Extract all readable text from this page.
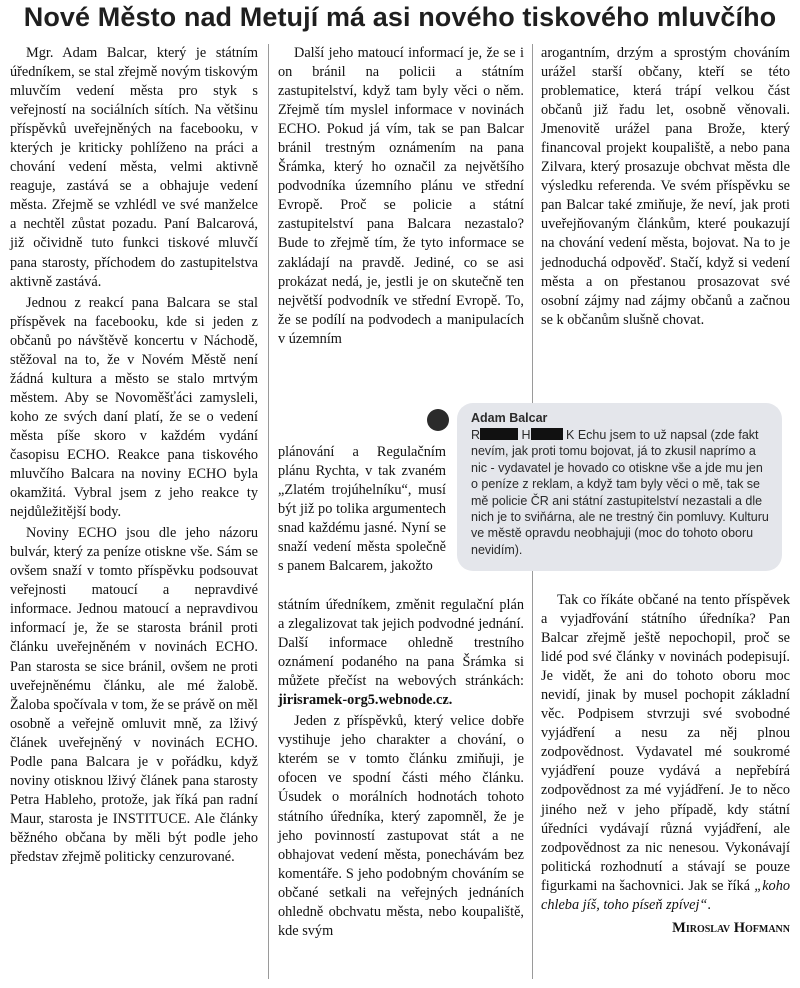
Nové Město nad Metují má asi nového tiskového mluvčího

Mgr. Adam Balcar, který je státním úředníkem, se stal zřejmě novým tiskovým mluvčím vedení města pro styk s veřejností na sociálních sítích. Na většinu příspěvků uveřejněných na facebooku, v kterých je kriticky pohlíženo na práci a chování vedení města, velmi aktivně reaguje, zastává se a obhajuje vedení města. Zřejmě se vzhlédl ve své manželce a nechtěl zůstat pozadu. Paní Balcarová, již očividně tuto funkci tiskové mluvčí pana starosty, příchodem do zastupitelstva aktivně zastává.

Jednou z reakcí pana Balcara se stal příspěvek na facebooku, kde si jeden z občanů po návštěvě koncertu v Náchodě, stěžoval na to, že v Novém Městě není žádná kultura a město se stalo mrtvým městem. Aby se Novoměšťáci zamysleli, koho ze svých daní platí, že se o vedení města píše skoro v každém vydání časopisu ECHO. Reakce pana tiskového mluvčího Balcara na noviny ECHO byla okamžitá. Vybral jsem z jeho reakce ty nejdůležitější body.

Noviny ECHO jsou dle jeho názoru bulvár, který za peníze otiskne vše. Sám se ovšem snaží v tomto příspěvku podsouvat veřejnosti matoucí a nepravdivé informace. Jednou matoucí a nepravdivou informací je, že se starosta bránil proti článku uveřejněném v novinách ECHO. Pan starosta se sice bránil, ovšem ne proti uveřejněnému článku, ale mé žalobě. Žaloba spočívala v tom, že se právě on měl osobně a veřejně omluvit mně, za lživý článek uveřejněný v novinách ECHO. Podle pana Balcara je v pořádku, když noviny otisknou lživý článek pana starosty Petra Hableho, protože, jak říká pan radní Maur, starosta je INSTITUCE. Ale články běžného občana by měli být podle jeho představ zřejmě politicky cenzurované.

Další jeho matoucí informací je, že se i on bránil na policii a státním zastupitelství, když tam byly věci o něm. Zřejmě tím myslel informace v novinách ECHO. Pokud já vím, tak se pan Balcar bránil trestným oznámením na pana Šrámka, který ho označil za největšího podvodníka územního plánu ve střední Evropě. Proč se policie a státní zastupitelství pana Balcara nezastalo? Bude to zřejmě tím, že tyto informace se zakládají na pravdě. Jediné, co se asi prokázat nedá, je, jestli je on skutečně ten největší podvodník ve střední Evropě. To, že se podílí na podvodech a manipulacích v územním

plánování a Regulačním plánu Rychta, v tak zvaném „Zlatém trojúhelníku“, musí být již po tolika argumentech snad každému jasné. Nyní se snaží vedení města společně s panem Balcarem, jakožto

státním úředníkem, změnit regulační plán a zlegalizovat tak jejich podvodné jednání. Další informace ohledně trestního oznámení podaného na pana Šrámka si můžete přečíst na webových stránkách: jirisramek-org5.webnode.cz.

Jeden z příspěvků, který velice dobře vystihuje jeho charakter a chování, o kterém se v tomto článku zmiňuji, je ofocen ve spodní části mého článku. Úsudek o morálních hodnotách tohoto státního úředníka, který zapomněl, že je jeho povinností zastupovat stát a ne obhajovat vedení města, ponechávám bez komentáře. S jeho podobným chováním se občané setkali na veřejných jednáních ohledně obchvatu města, nebo koupaliště, kde svým

arogantním, drzým a sprostým chováním urážel starší občany, kteří se této problematice, která trápí velkou část občanů již řadu let, osobně věnovali. Jmenovitě urážel pana Brože, který financoval projekt koupaliště, a nebo pana Zilvara, který prosazuje obchvat města dle výsledku referenda. Ve svém příspěvku se pan Balcar také zmiňuje, že neví, jak proti uveřejňovaným článkům, které poukazují na chování vedení města, bojovat. Na to je jednoduchá odpověď. Stačí, když si vedení města a on přestanou prosazovat své osobní zájmy nad zájmy občanů a začnou se k občanům slušně chovat.

Adam Balcar
R	H	K Echu jsem to už napsal (zde fakt nevím, jak proti tomu bojovat, já to zkusil naprímo a nic - vydavatel je hovado co otiskne vše a jde mu jen o peníze z reklam, a když tam byly věci o mě, tak se mě policie ČR ani státní zastupitelství nezastali a dle nich je to sviňárna, ale ne trestný čin pomluvy. Kulturu ve městě opravdu neobhajuji (moc do tohoto oboru nevidím).

Tak co říkáte občané na tento příspěvek a vyjadřování státního úředníka? Pan Balcar zřejmě ještě nepochopil, proč se lidé pod své články v novinách podepisují. Je vidět, že ani do tohoto oboru moc nevidí, jinak by musel pochopit základní věc. Podpisem stvrzuji své svobodné vyjádření a nesu za něj plnou zodpovědnost. Vydavatel mé soukromé vyjádření pouze vydává a nepřebírá zodpovědnost za mé vyjádření. Je to něco jiného než v jeho případě, kdy státní úředníci vydávají různá vyjádření, ale zodpovědnost za nic nenesou. Vykonávají politická rozhodnutí a stávají se pouze figurkami na šachovnici. Jak se říká „koho chleba jíš, toho píseň zpívej“.

Miroslav Hofmann
